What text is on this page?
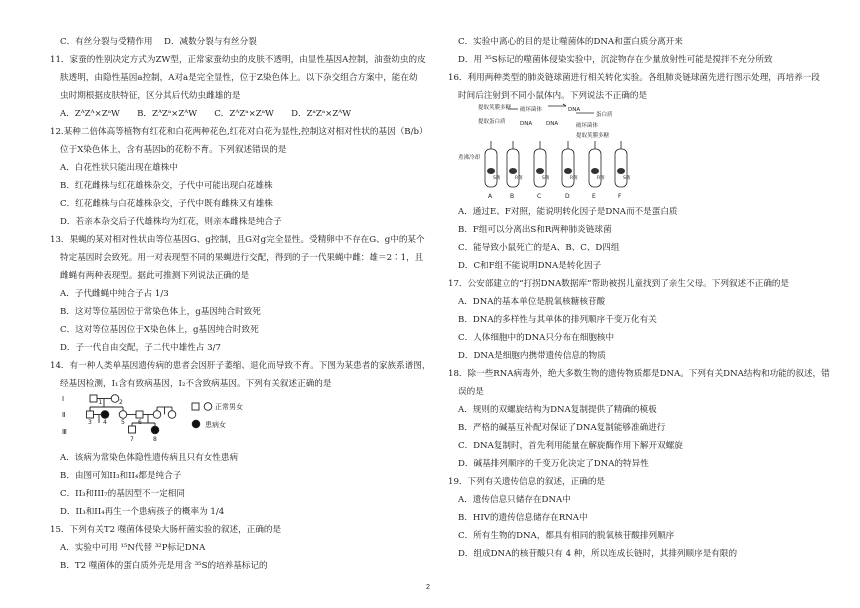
C．有丝分裂与受精作用 D．减数分裂与有丝分裂
11．家蚕的性别决定方式为ZW型，正常家蚕幼虫的皮肤不透明，由显性基因A控制，油蚕幼虫的皮
肤透明，由隐性基因a控制，A对a是完全显性，位于Z染色体上。以下杂交组合方案中，能在幼
虫时期根据皮肤特征，区分其后代幼虫雌雄的是
A．ZᴬZᴬ×ZᵃW　　B．ZᴬZᵃ×ZᴬW　　C．ZᴬZᵃ×ZᵃW　　D．ZᵃZᵃ×ZᴬW
12.某种二倍体高等植物有红花和白花两种花色,红花对白花为显性,控制这对相对性状的基因（B/b）
位于X染色体上，含有基因b的花粉不育。下列叙述错误的是
A．白花性状只能出现在雄株中
B．红花雌株与红花雄株杂交，子代中可能出现白花雄株
C．红花雌株与白花雄株杂交，子代中既有雌株又有雄株
D．若亲本杂交后子代雄株均为红花，则亲本雌株是纯合子
13．果蝇的某对相对性状由等位基因G、g控制，且G对g完全显性。受精卵中不存在G、g中的某个
特定基因时会致死。用一对表现型不同的果蝇进行交配，得到的子一代果蝇中雌：雄＝2∶1，且
雌蝇有两种表现型。据此可推测下列说法正确的是
A．子代雌蝇中纯合子占 1/3
B．这对等位基因位于常染色体上，g基因纯合时致死
C．这对等位基因位于X染色体上，g基因纯合时致死
D．子一代自由交配，子二代中雄性占 3/7
14．有一种人类单基因遗传病的患者会因肝子萎缩、退化而导致不育。下图为某患者的家族系谱图，
经基因检测，I₁含有致病基因，I₂不含致病基因。下列有关叙述正确的是
Ⅰ
Ⅱ
Ⅲ
1	2
3 4 5 6
7	8
正常男女
患病女
A．该病为常染色体隐性遗传病且只有女性患病
B．由图可知II₃和II₄都是纯合子
C．II₃和III₇的基因型不一定相同
D．II₃和II₄再生一个患病孩子的概率为 1/4
15．下列有关T2 噬菌体侵染大肠杆菌实验的叙述，正确的是
A．实验中可用 ¹⁵N代替 ³²P标记DNA
B．T2 噬菌体的蛋白质外壳是用含 ³⁵S的培养基标记的
C．实验中离心的目的是让噬菌体的DNA和蛋白质分离开来
D．用 ³⁵S标记的噬菌体侵染实验中，沉淀物存在少量放射性可能是搅拌不充分所致
16．利用两种类型的肺炎链球菌进行相关转化实验。各组肺炎链球菌先进行图示处理，再培养一段
时间后注射到不同小鼠体内。下列说法不正确的是
提取荚膜多糖
提取蛋白质	DNA
破坏菌体
DNA
DNA
蛋白质
破坏菌体
提取荚膜多糖
煮沸冷却
S菌	R菌	S菌	R菌	R菌	S菌
A	B	C	D	E	F
A．通过E、F对照，能说明转化因子是DNA而不是蛋白质
B．F组可以分离出S和R两种肺炎链球菌
C．能导致小鼠死亡的是A、B、C、D四组
D．C和F组不能说明DNA是转化因子
17．公安部建立的“打拐DNA数据库”帮助被拐儿童找到了亲生父母。下列叙述不正确的是
A．DNA的基本单位是脱氧核糖核苷酸
B．DNA的多样性与其单体的排列顺序千变万化有关
C．人体细胞中的DNA只分布在细胞核中
D．DNA是细胞内携带遗传信息的物质
18．除一些RNA病毒外，绝大多数生物的遗传物质都是DNA。下列有关DNA结构和功能的叙述，错
误的是
A．规则的双螺旋结构为DNA复制提供了精确的模板
B．严格的碱基互补配对保证了DNA复制能够准确进行
C．DNA复制时，首先利用能量在解旋酶作用下解开双螺旋
D．碱基排列顺序的千变万化决定了DNA的特异性
19．下列有关遗传信息的叙述，正确的是
A．遗传信息只储存在DNA中
B．HIV的遗传信息储存在RNA中
C．所有生物的DNA，都具有相同的脱氧核苷酸排列顺序
D．组成DNA的核苷酸只有 4 种，所以连成长链时，其排列顺序是有限的
2
